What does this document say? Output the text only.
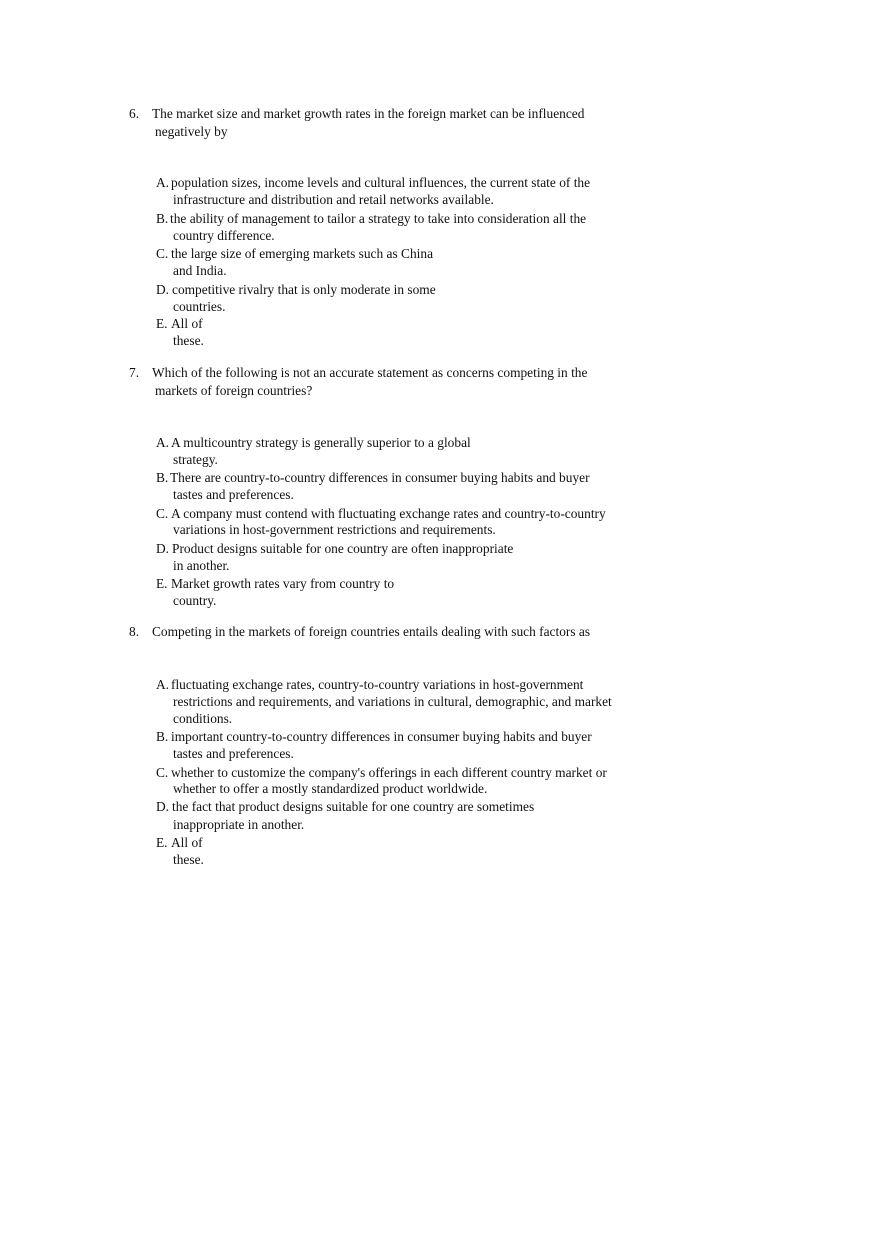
6. The market size and market growth rates in the foreign market can be influenced
negatively by
A. population sizes, income levels and cultural influences, the current state of the
infrastructure and distribution and retail networks available.
B. the ability of management to tailor a strategy to take into consideration all the
country difference.
C. the large size of emerging markets such as China
and India.
D. competitive rivalry that is only moderate in some
countries.
E. All of
these.
7. Which of the following is not an accurate statement as concerns competing in the
markets of foreign countries?
A. A multicountry strategy is generally superior to a global
strategy.
B. There are country-to-country differences in consumer buying habits and buyer
tastes and preferences.
C. A company must contend with fluctuating exchange rates and country-to-country
variations in host-government restrictions and requirements.
D. Product designs suitable for one country are often inappropriate
in another.
E. Market growth rates vary from country to
country.
8. Competing in the markets of foreign countries entails dealing with such factors as
A. fluctuating exchange rates, country-to-country variations in host-government
restrictions and requirements, and variations in cultural, demographic, and market
conditions.
B. important country-to-country differences in consumer buying habits and buyer
tastes and preferences.
C. whether to customize the company's offerings in each different country market or
whether to offer a mostly standardized product worldwide.
D. the fact that product designs suitable for one country are sometimes
inappropriate in another.
E. All of
these.
